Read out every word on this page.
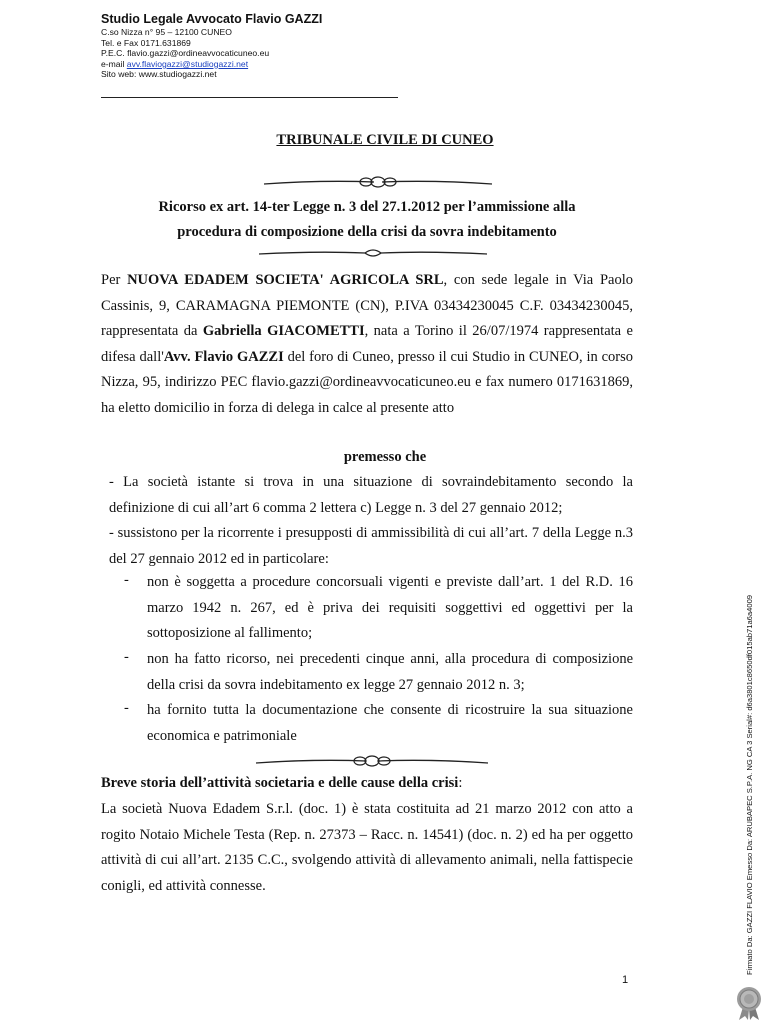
Studio Legale Avvocato Flavio GAZZI
C.so Nizza n° 95 – 12100 CUNEO
Tel. e Fax 0171.631869
P.E.C. flavio.gazzi@ordineavvocaticuneo.eu
e-mail avv.flaviogazzi@studiogazzi.net
Sito web: www.studiogazzi.net
TRIBUNALE CIVILE DI CUNEO
Ricorso ex art. 14-ter Legge n. 3 del 27.1.2012 per l’ammissione alla
procedura di composizione della crisi da sovra indebitamento
Per NUOVA EDADEM SOCIETA' AGRICOLA SRL, con sede legale in Via Paolo Cassinis, 9, CARAMAGNA PIEMONTE (CN), P.IVA 03434230045 C.F. 03434230045, rappresentata da Gabriella GIACOMETTI, nata a Torino il 26/07/1974 rappresentata e difesa dall'Avv. Flavio GAZZI del foro di Cuneo, presso il cui Studio in CUNEO, in corso Nizza, 95, indirizzo PEC flavio.gazzi@ordineavvocaticuneo.eu e fax numero 0171631869, ha eletto domicilio in forza di delega in calce al presente atto
premesso che
- La società istante si trova in una situazione di sovraindebitamento secondo la definizione di cui all’art 6 comma 2 lettera c) Legge n. 3 del 27 gennaio 2012;
- sussistono per la ricorrente i presupposti di ammissibilità di cui all’art. 7 della Legge n.3 del 27 gennaio 2012 ed in particolare:
- non è soggetta a procedure concorsuali vigenti e previste dall’art. 1 del R.D. 16 marzo 1942 n. 267, ed è priva dei requisiti soggettivi ed oggettivi per la sottoposizione al fallimento;
- non ha fatto ricorso, nei precedenti cinque anni, alla procedura di composizione della crisi da sovra indebitamento ex legge 27 gennaio 2012 n. 3;
- ha fornito tutta la documentazione che consente di ricostruire la sua situazione economica e patrimoniale
Breve storia dell’attività societaria e delle cause della crisi:
La società Nuova Edadem S.r.l. (doc. 1) è stata costituita ad 21 marzo 2012 con atto a rogito Notaio Michele Testa (Rep. n. 27373 – Racc. n. 14541) (doc. n. 2) ed ha per oggetto attività di cui all’art. 2135 C.C., svolgendo attività di allevamento animali, nella fattispecie conigli, ed attività connesse.
1
Firmato Da: GAZZI FLAVIO Emesso Da: ARUBAPEC S.P.A. NG CA 3 Serial#: d6a3801c8650df015ab71a6a4009
